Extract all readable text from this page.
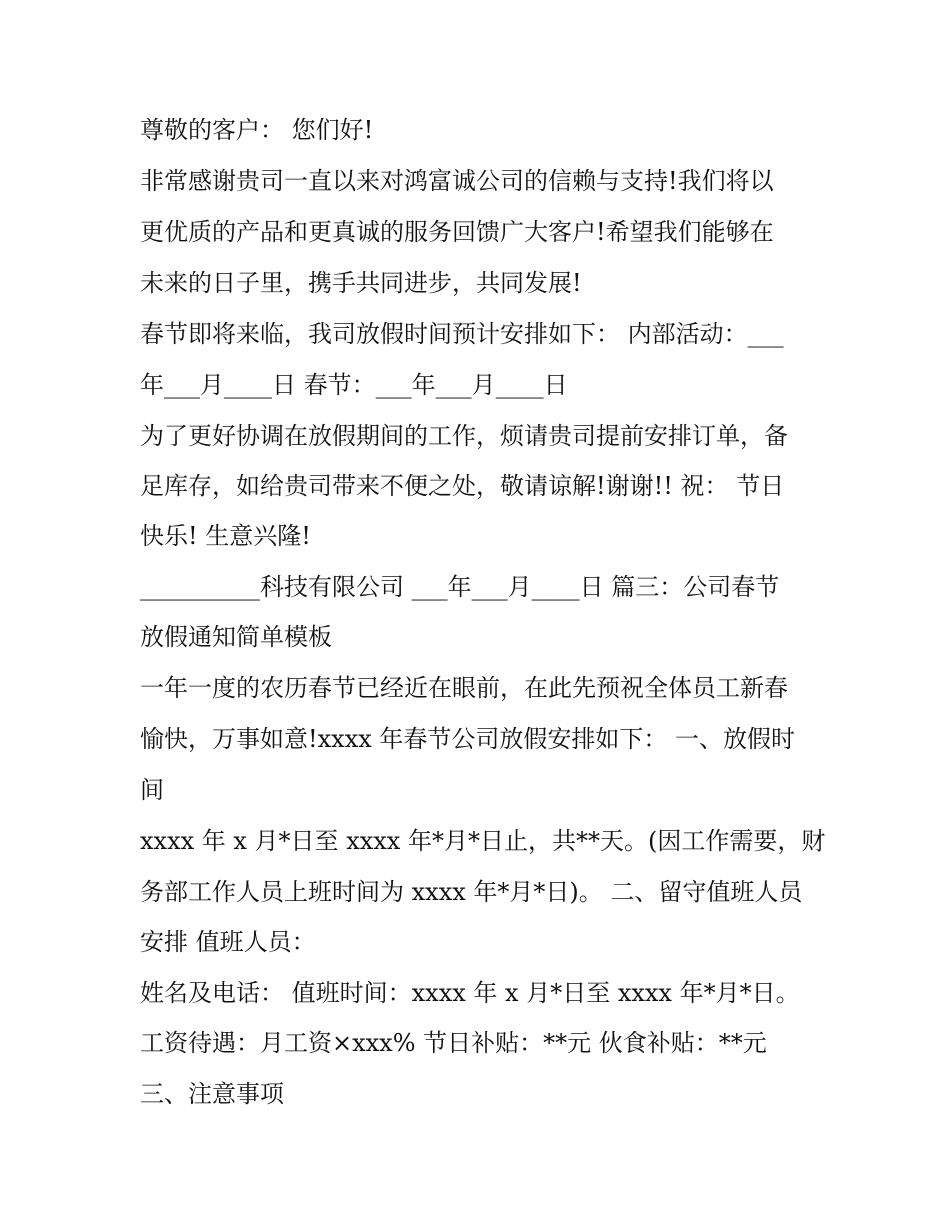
尊敬的客户： 您们好!

非常感谢贵司一直以来对鸿富诚公司的信赖与支持!我们将以

更优质的产品和更真诚的服务回馈广大客户!希望我们能够在

未来的日子里，携手共同进步，共同发展!

春节即将来临，我司放假时间预计安排如下： 内部活动：___

年___月____日 春节：___年___月____日

为了更好协调在放假期间的工作，烦请贵司提前安排订单，备

足库存，如给贵司带来不便之处，敬请谅解!谢谢!! 祝： 节日

快乐! 生意兴隆!

__________科技有限公司 ___年___月____日 篇三：公司春节

放假通知简单模板

一年一度的农历春节已经近在眼前，在此先预祝全体员工新春

愉快，万事如意!xxxx 年春节公司放假安排如下： 一、放假时

间

xxxx 年 x 月*日至 xxxx 年*月*日止，共**天。(因工作需要，财

务部工作人员上班时间为 xxxx 年*月*日)。 二、留守值班人员

安排 值班人员：

姓名及电话： 值班时间：xxxx 年 x 月*日至 xxxx 年*月*日。

工资待遇：月工资×xxx% 节日补贴：**元 伙食补贴：**元

三、注意事项
